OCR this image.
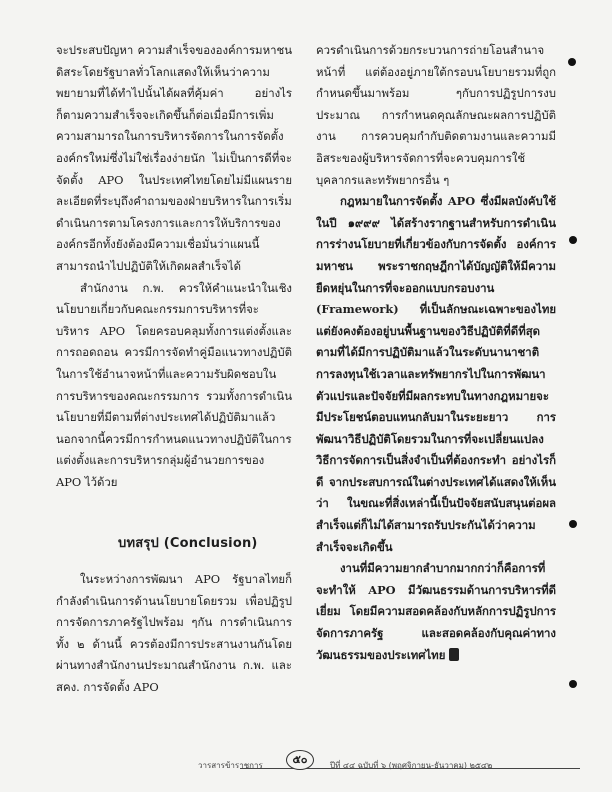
จะประสบปัญหา ความสำเร็จขององค์การมหาชนดิสระโดยรัฐบาลทั่วโลกแสดงให้เห็นว่าความพยายามที่ได้ทำไปนั้นได้ผลที่คุ้มค่า อย่างไรก็ตามความสำเร็จจะเกิดขึ้นก็ต่อเมื่อมีการเพิ่มความสามารถในการบริหารจัดการในการจัดตั้งองค์กรใหม่ซึ่งไม่ใช่เรื่องง่ายนัก ไม่เป็นการดีที่จะจัดตั้ง APO ในประเทศไทยโดยไม่มีแผนรายละเอียดที่ระบุถึงคำถามของฝ่ายบริหารในการเริ่มดำเนินการตามโครงการและการให้บริการขององค์กรอีกทั้งยังต้องมีความเชื่อมั่นว่าแผนนี้สามารถนำไปปฏิบัติให้เกิดผลสำเร็จได้

สำนักงาน ก.พ. ควรให้คำแนะนำในเชิงนโยบายเกี่ยวกับคณะกรรมการบริหารที่จะบริหาร APO โดยครอบคลุมทั้งการแต่งตั้งและการถอดถอน ควรมีการจัดทำคู่มือแนวทางปฏิบัติในการใช้อำนาจหน้าที่และความรับผิดชอบในการบริหารของคณะกรรมการ รวมทั้งการดำเนินนโยบายที่มีตามที่ต่างประเทศได้ปฏิบัติมาแล้ว นอกจากนี้ควรมีการกำหนดแนวทางปฏิบัติในการแต่งตั้งและการบริหารกลุ่มผู้อำนวยการของ APO ไว้ด้วย

บทสรุป (Conclusion)

ในระหว่างการพัฒนา APO รัฐบาลไทยก็กำลังดำเนินการด้านนโยบายโดยรวม เพื่อปฏิรูปการจัดการภาครัฐไปพร้อม ๆกัน การดำเนินการทั้ง ๒ ด้านนี้ ควรต้องมีการประสานงานกันโดยผ่านทางสำนักงานประมาณสำนักงาน ก.พ. และสคง. การจัดตั้ง APO

ควรดำเนินการด้วยกระบวนการถ่ายโอนสำนาจหน้าที่ แต่ต้องอยู่ภายใต้กรอบนโยบายรวมที่ถูกกำหนดขึ้นมาพร้อม ๆกับการปฏิรูปการงบประมาณ การกำหนดคุณลักษณะผลการปฏิบัติงาน การควบคุมกำกับติดตามงานและความมีอิสระของผู้บริหารจัดการที่จะควบคุมการใช้บุคลากรและทรัพยากรอื่น ๆ

กฎหมายในการจัดตั้ง APO ซึ่งมีผลบังคับใช้ในปี ๑๙๙๙ ได้สร้างรากฐานสำหรับการดำเนินการร่างนโยบายที่เกี่ยวข้องกับการจัดตั้ง องค์การมหาชน พระราชกฤษฎีกาได้บัญญัติให้มีความยืดหยุ่นในการที่จะออกแบบกรอบงาน (Framework) ที่เป็นลักษณะเฉพาะของไทย แต่ยังคงต้องอยู่บนพื้นฐานของวิธีปฏิบัติที่ดีที่สุดตามที่ได้มีการปฏิบัติมาแล้วในระดับนานาชาติ การลงทุนใช้เวลาและทรัพยากรไปในการพัฒนาตัวแปรและปัจจัยที่มีผลกระทบในทางกฎหมายจะมีประโยชน์ตอบแทนกลับมาในระยะยาว การพัฒนาวิธีปฏิบัติโดยรวมในการที่จะเปลี่ยนแปลงวิธีการจัดการเป็นสิ่งจำเป็นที่ต้องกระทำ อย่างไรก็ดี จากประสบการณ์ในต่างประเทศได้แสดงให้เห็นว่า ในขณะที่สิ่งเหล่านี้เป็นปัจจัยสนับสนุนต่อผลสำเร็จแต่ก็ไม่ได้สามารถรับประกันได้ว่าความสำเร็จจะเกิดขึ้น

งานที่มีความยากลำบากมากกว่าก็คือการที่จะทำให้ APO มีวัฒนธรรมด้านการบริหารที่ดีเยี่ยม โดยมีความสอดคล้องกับหลักการปฏิรูปการจัดการภาครัฐ และสอดคล้องกับคุณค่าทางวัฒนธรรมของประเทศไทย

วารสารข้าราชการ	๕๐	ปีที่ ๔๔ ฉบับที่ ๖ (พฤศจิกายน-ธันวาคม) ๒๕๔๒
